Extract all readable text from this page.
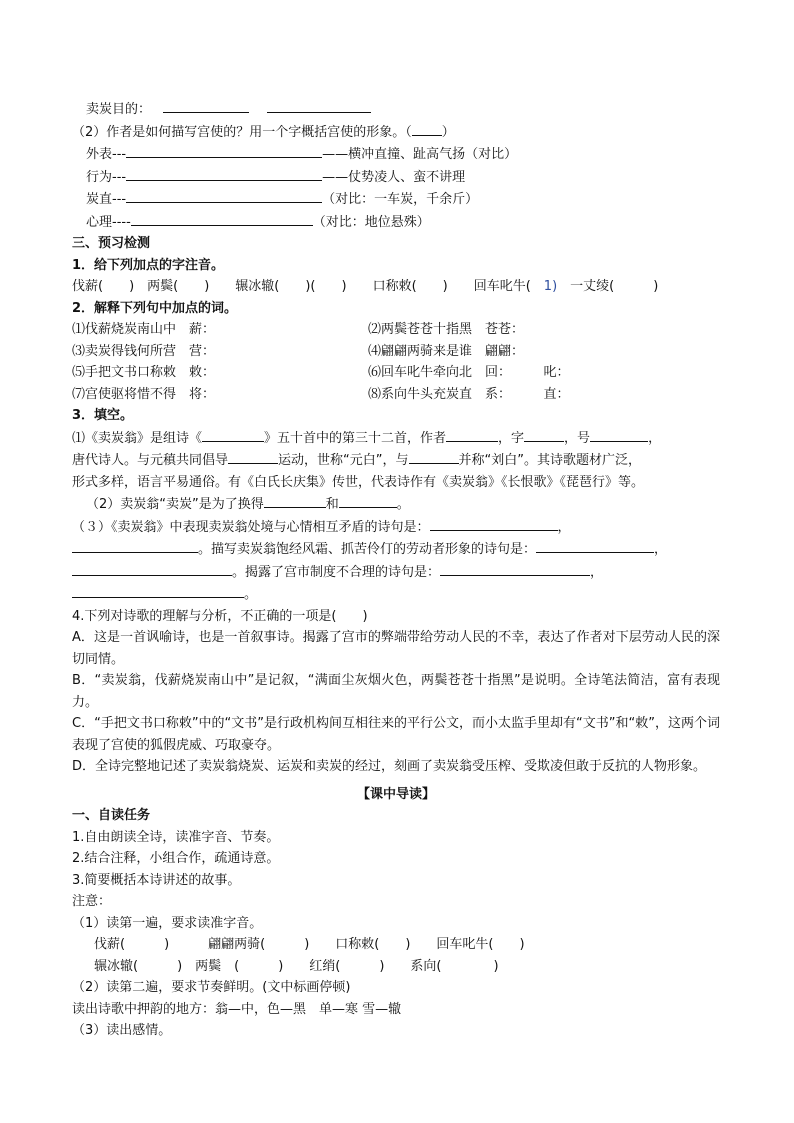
卖炭目的：
（2）作者是如何描写宫使的？用一个字概括宫使的形象。（ ）
外表---	——横冲直撞、趾高气扬（对比）
行为---	——仗势凌人、蛮不讲理
炭直---	（对比：一车炭，千余斤）
心理----	（对比：地位悬殊）
三、预习检测
1．给下列加点的字注音。
伐薪(　　)　两鬓(　　)　　辗冰辙(　　)(　　)　　口称敕(　　)　　回车叱牛(　1)　一丈绫(　　　)
2．解释下列句中加点的词。
⑴伐薪烧炭南山中　薪：	⑵两鬓苍苍十指黑　苍苍：
⑶卖炭得钱何所营　营：	⑷翩翩两骑来是谁　翩翩：
⑸手把文书口称敕　敕：	⑹回车叱牛牵向北　回：　　　叱：
⑺宫使驱将惜不得　将：	⑻系向牛头充炭直　系：　　　直：
3．填空。
⑴《卖炭翁》是组诗《	》五十首中的第三十二首，作者	，字	，号	，
唐代诗人。与元稹共同倡导	运动，世称“元白”，与	并称“刘白”。其诗歌题材广泛，
形式多样，语言平易通俗。有《白氏长庆集》传世，代表诗作有《卖炭翁》《长恨歌》《琵琶行》等。
（2）卖炭翁“卖炭”是为了换得	和	。
（３）《卖炭翁》中表现卖炭翁处境与心情相互矛盾的诗句是：	，
。描写卖炭翁饱经风霜、抓苦伶仃的劳动者形象的诗句是：	，
。揭露了宫市制度不合理的诗句是：	，
。
4.下列对诗歌的理解与分析，不正确的一项是(　　)
A．这是一首讽喻诗，也是一首叙事诗。揭露了宫市的弊端带给劳动人民的不幸，表达了作者对下层劳动人民的深切同情。
B．“卖炭翁，伐薪烧炭南山中”是记叙，“满面尘灰烟火色，两鬓苍苍十指黑”是说明。全诗笔法简洁，富有表现力。
C．“手把文书口称敕”中的“文书”是行政机构间互相往来的平行公文，而小太监手里却有“文书”和“敕”，这两个词表现了宫使的狐假虎威、巧取豪夺。
D．全诗完整地记述了卖炭翁烧炭、运炭和卖炭的经过，刻画了卖炭翁受压榨、受欺凌但敢于反抗的人物形象。
【课中导读】
一、自读任务
1.自由朗读全诗，读准字音、节奏。
2.结合注释，小组合作，疏通诗意。
3.简要概括本诗讲述的故事。
注意：
（1）读第一遍，要求读准字音。
伐薪(　　　)　　　翩翩两骑(　　　)　　口称敕(　　)　　回车叱牛(　　)
辗冰辙(　　　)　两鬓　(　　　)　　红绡(　　　)　　系向(　　　　)
（2）读第二遍，要求节奏鲜明。(文中标画停顿)
读出诗歌中押韵的地方：翁—中，色—黑　单—寒 雪—辙
（3）读出感情。
